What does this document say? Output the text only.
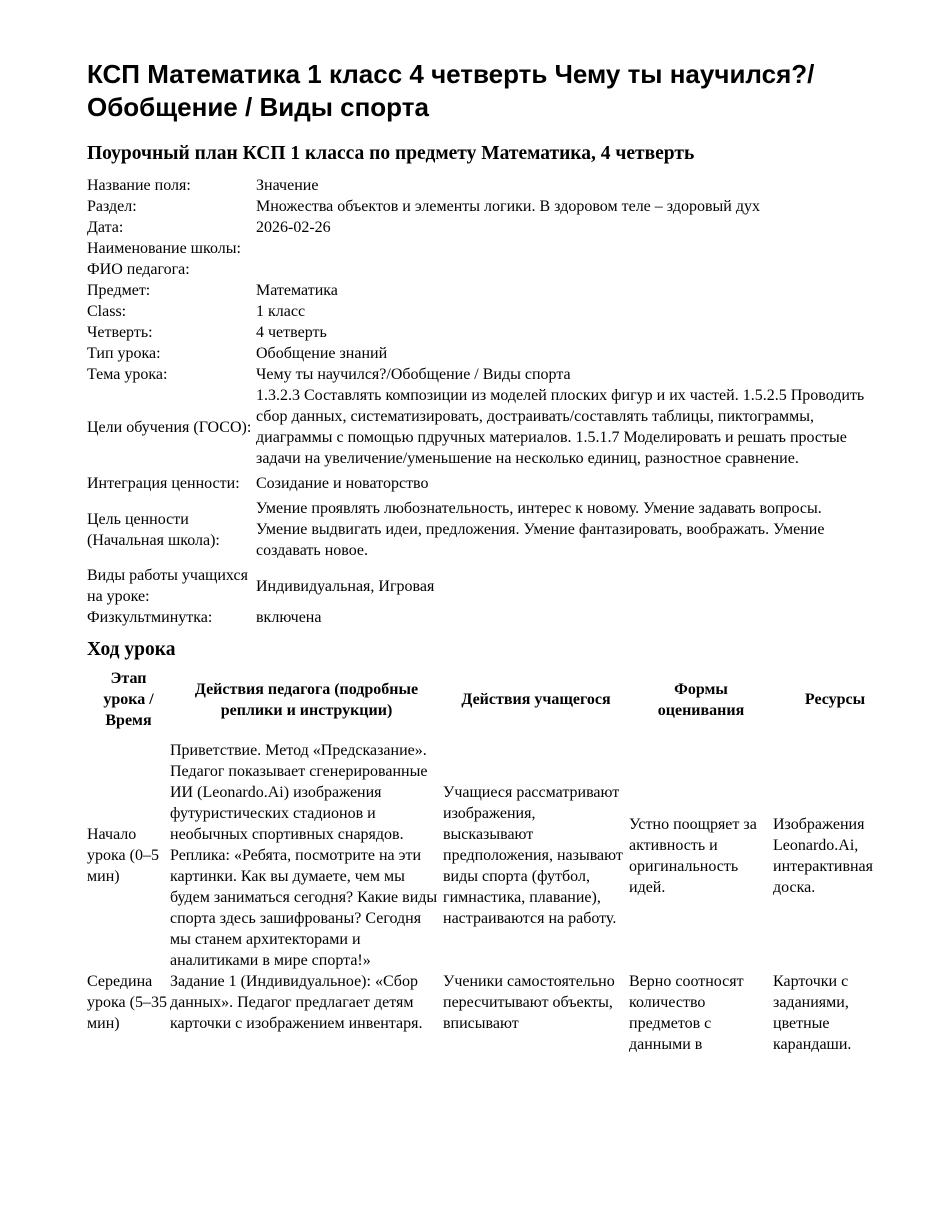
КСП Математика 1 класс 4 четверть Чему ты научился?/Обобщение / Виды спорта
Поурочный план КСП 1 класса по предмету Математика, 4 четверть
Название поля:	Значение
Раздел:	Множества объектов и элементы логики. В здоровом теле – здоровый дух
Дата:	2026-02-26
Наименование школы:	
ФИО педагога:	
Предмет:	Математика
Class:	1 класс
Четверть:	4 четверть
Тип урока:	Обобщение знаний
Тема урока:	Чему ты научился?/Обобщение / Виды спорта
Цели обучения (ГОСО):	1.3.2.3 Составлять композиции из моделей плоских фигур и их частей. 1.5.2.5 Проводить сбор данных, систематизировать, достраивать/составлять таблицы, пиктограммы, диаграммы с помощью пдручных материалов. 1.5.1.7 Моделировать и решать простые задачи на увеличение/уменьшение на несколько единиц, разностное сравнение.
Интеграция ценности:	Созидание и новаторство
Цель ценности (Начальная школа):	Умение проявлять любознательность, интерес к новому. Умение задавать вопросы. Умение выдвигать идеи, предложения. Умение фантазировать, воображать. Умение создавать новое.
Виды работы учащихся на уроке:	Индивидуальная, Игровая
Физкультминутка:	включена
Ход урока
Этап урока / Время	Действия педагога (подробные реплики и инструкции)	Действия учащегося	Формы оценивания	Ресурсы
Начало урока (0–5 мин)	Приветствие. Метод «Предсказание». Педагог показывает сгенерированные ИИ (Leonardo.Ai) изображения футуристических стадионов и необычных спортивных снарядов. Реплика: «Ребята, посмотрите на эти картинки. Как вы думаете, чем мы будем заниматься сегодня? Какие виды спорта здесь зашифрованы? Сегодня мы станем архитекторами и аналитиками в мире спорта!»	Учащиеся рассматривают изображения, высказывают предположения, называют виды спорта (футбол, гимнастика, плавание), настраиваются на работу.	Устно поощряет за активность и оригинальность идей.	Изображения Leonardo.Ai, интерактивная доска.
Середина урока (5–35 мин)	Задание 1 (Индивидуальное): «Сбор данных». Педагог предлагает детям карточки с изображением инвентаря.	Ученики самостоятельно пересчитывают объекты, вписывают	Верно соотносят количество предметов с данными в	Карточки с заданиями, цветные карандаши.
